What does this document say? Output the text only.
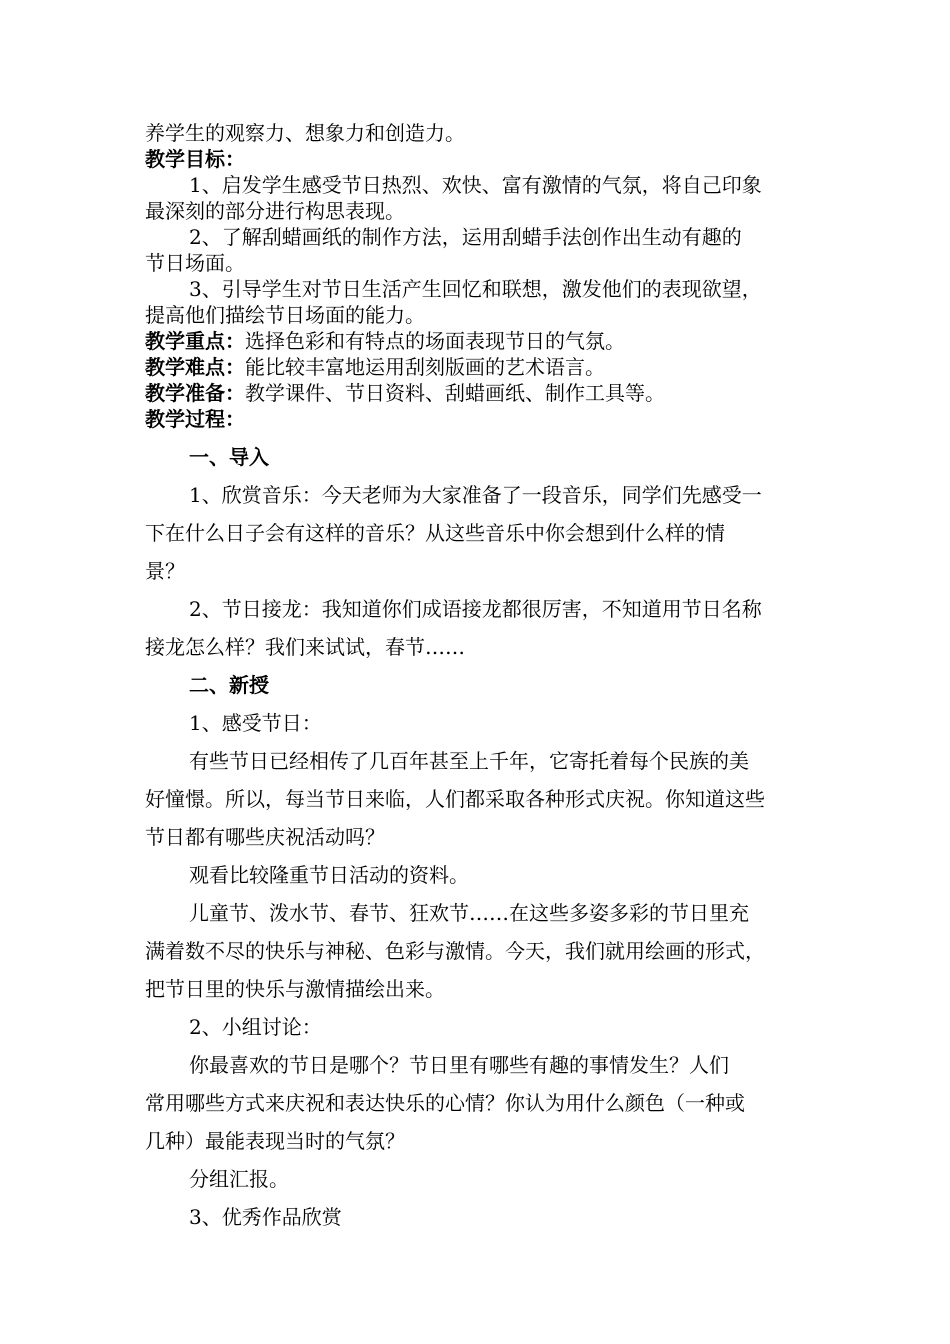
养学生的观察力、想象力和创造力。
教学目标：
1、启发学生感受节日热烈、欢快、富有激情的气氛，将自己印象
最深刻的部分进行构思表现。
2、了解刮蜡画纸的制作方法，运用刮蜡手法创作出生动有趣的
节日场面。
3、引导学生对节日生活产生回忆和联想，激发他们的表现欲望，
提高他们描绘节日场面的能力。
教学重点：选择色彩和有特点的场面表现节日的气氛。
教学难点：能比较丰富地运用刮刻版画的艺术语言。
教学准备：教学课件、节日资料、刮蜡画纸、制作工具等。
教学过程：
一、导入
1、欣赏音乐：今天老师为大家准备了一段音乐，同学们先感受一
下在什么日子会有这样的音乐？从这些音乐中你会想到什么样的情
景？
2、节日接龙：我知道你们成语接龙都很厉害，不知道用节日名称
接龙怎么样？我们来试试，春节……
二、新授
1、感受节日：
有些节日已经相传了几百年甚至上千年，它寄托着每个民族的美
好憧憬。所以，每当节日来临，人们都采取各种形式庆祝。你知道这些
节日都有哪些庆祝活动吗？
观看比较隆重节日活动的资料。
儿童节、泼水节、春节、狂欢节……在这些多姿多彩的节日里充
满着数不尽的快乐与神秘、色彩与激情。今天，我们就用绘画的形式，
把节日里的快乐与激情描绘出来。
2、小组讨论：
你最喜欢的节日是哪个？节日里有哪些有趣的事情发生？人们
常用哪些方式来庆祝和表达快乐的心情？你认为用什么颜色（一种或
几种）最能表现当时的气氛？
分组汇报。
3、优秀作品欣赏
